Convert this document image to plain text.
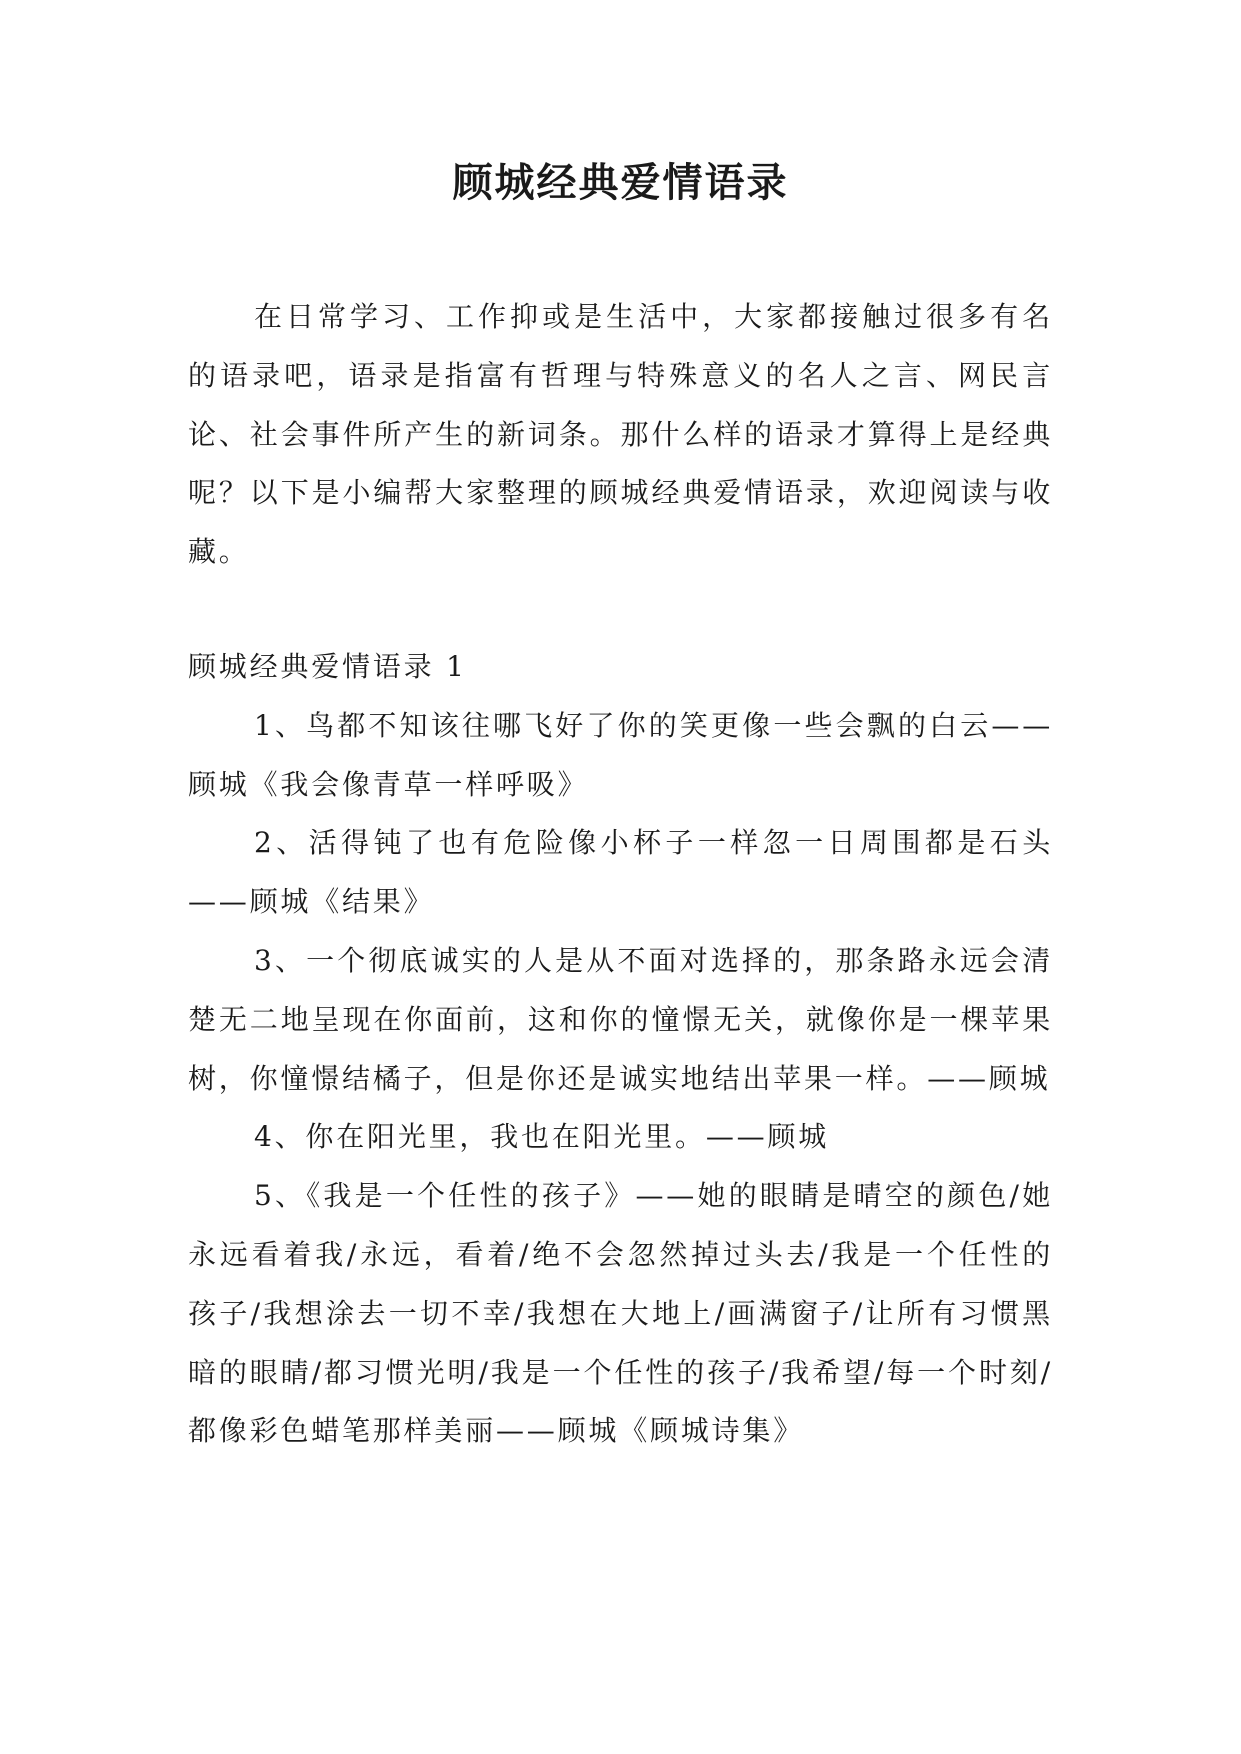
顾城经典爱情语录

在日常学习、工作抑或是生活中，大家都接触过很多有名的语录吧，语录是指富有哲理与特殊意义的名人之言、网民言论、社会事件所产生的新词条。那什么样的语录才算得上是经典呢？以下是小编帮大家整理的顾城经典爱情语录，欢迎阅读与收藏。

顾城经典爱情语录 1

1、鸟都不知该往哪飞好了你的笑更像一些会飘的白云——顾城《我会像青草一样呼吸》

2、活得钝了也有危险像小杯子一样忽一日周围都是石头——顾城《结果》

3、一个彻底诚实的人是从不面对选择的，那条路永远会清楚无二地呈现在你面前，这和你的憧憬无关，就像你是一棵苹果树，你憧憬结橘子，但是你还是诚实地结出苹果一样。——顾城

4、你在阳光里，我也在阳光里。——顾城

5、《我是一个任性的孩子》——她的眼睛是晴空的颜色/她永远看着我/永远，看着/绝不会忽然掉过头去/我是一个任性的孩子/我想涂去一切不幸/我想在大地上/画满窗子/让所有习惯黑暗的眼睛/都习惯光明/我是一个任性的孩子/我希望/每一个时刻/都像彩色蜡笔那样美丽——顾城《顾城诗集》
